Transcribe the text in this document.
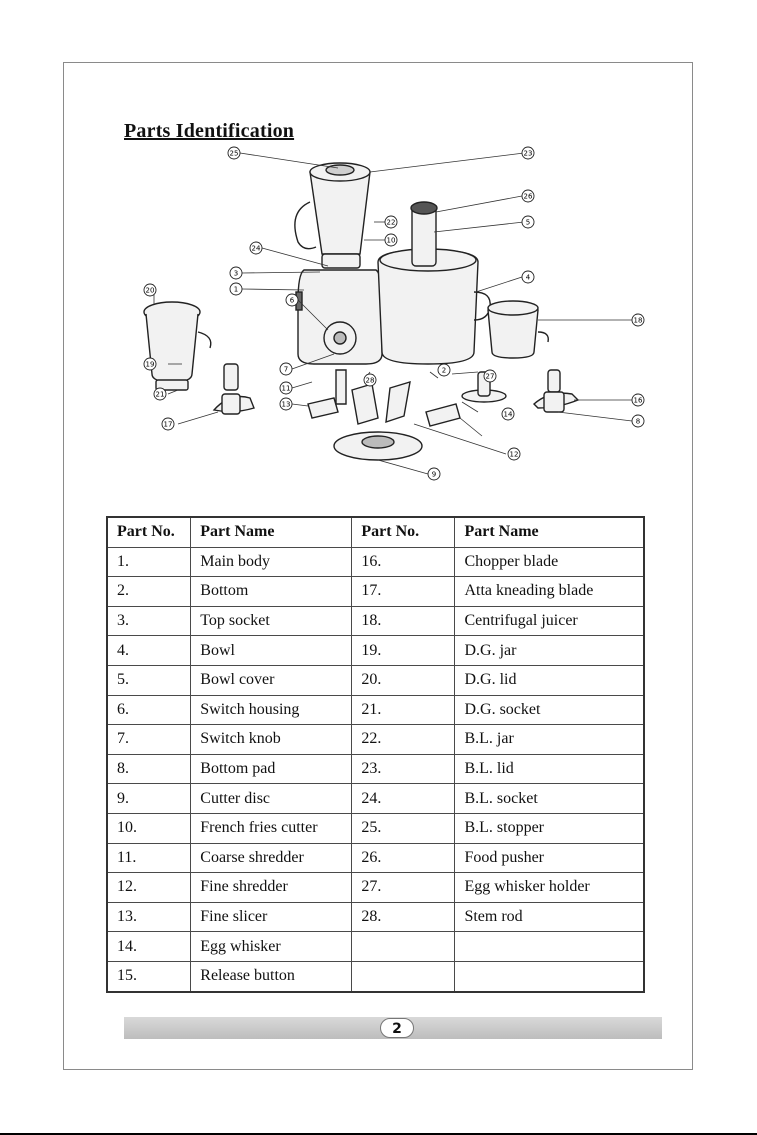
Parts Identification
1
2
3	4
5
6
7
8
9
10
11
12
13
14
16
17
18
19
20
21
22
23
24
25
26
27
28
Part No.	Part Name	Part No.	Part Name
1.	Main body	16.	Chopper blade
2.	Bottom	17.	Atta kneading blade
3.	Top socket	18.	Centrifugal juicer
4.	Bowl	19.	D.G. jar
5.	Bowl cover	20.	D.G. lid
6.	Switch housing	21.	D.G. socket
7.	Switch knob	22.	B.L. jar
8.	Bottom pad	23.	B.L. lid
9.	Cutter disc	24.	B.L. socket
10.	French fries cutter	25.	B.L. stopper
11.	Coarse shredder	26.	Food pusher
12.	Fine shredder	27.	Egg whisker holder
13.	Fine slicer	28.	Stem rod
14.	Egg whisker		
15.	Release button		
2
